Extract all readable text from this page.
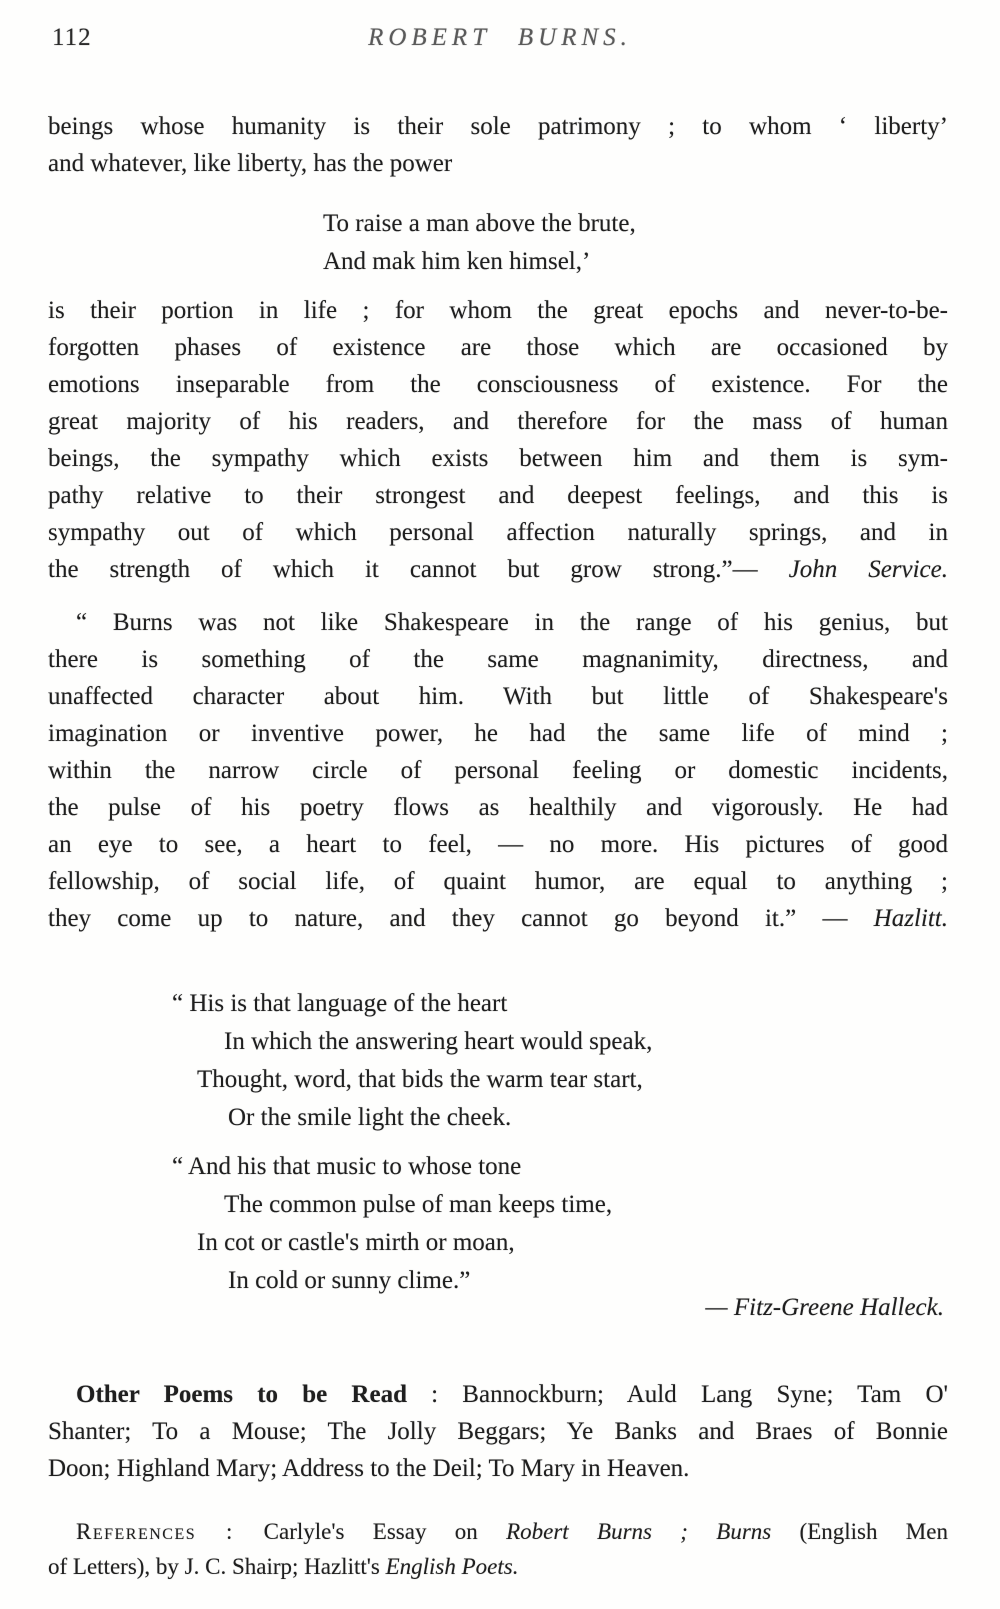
112	ROBERT BURNS.
beings whose humanity is their sole patrimony ; to whom ‘ liberty’
and whatever, like liberty, has the power
To raise a man above the brute,
And mak him ken himsel,’
is their portion in life ; for whom the great epochs and never-to-be-
forgotten phases of existence are those which are occasioned by
emotions inseparable from the consciousness of existence. For the
great majority of his readers, and therefore for the mass of human
beings, the sympathy which exists between him and them is sym-
pathy relative to their strongest and deepest feelings, and this is
sympathy out of which personal affection naturally springs, and in
the strength of which it cannot but grow strong.”— John Service.
“ Burns was not like Shakespeare in the range of his genius, but
there is something of the same magnanimity, directness, and
unaffected character about him. With but little of Shakespeare's
imagination or inventive power, he had the same life of mind ;
within the narrow circle of personal feeling or domestic incidents,
the pulse of his poetry flows as healthily and vigorously. He had
an eye to see, a heart to feel, — no more. His pictures of good
fellowship, of social life, of quaint humor, are equal to anything ;
they come up to nature, and they cannot go beyond it.” — Hazlitt.
“ His is that language of the heart
In which the answering heart would speak,
Thought, word, that bids the warm tear start,
Or the smile light the cheek.
“ And his that music to whose tone
The common pulse of man keeps time,
In cot or castle's mirth or moan,
In cold or sunny clime.”
— Fitz-Greene Halleck.
Other Poems to be Read : Bannockburn; Auld Lang Syne; Tam O'
Shanter; To a Mouse; The Jolly Beggars; Ye Banks and Braes of Bonnie
Doon; Highland Mary; Address to the Deil; To Mary in Heaven.
References : Carlyle's Essay on Robert Burns ; Burns (English Men
of Letters), by J. C. Shairp; Hazlitt's English Poets.
